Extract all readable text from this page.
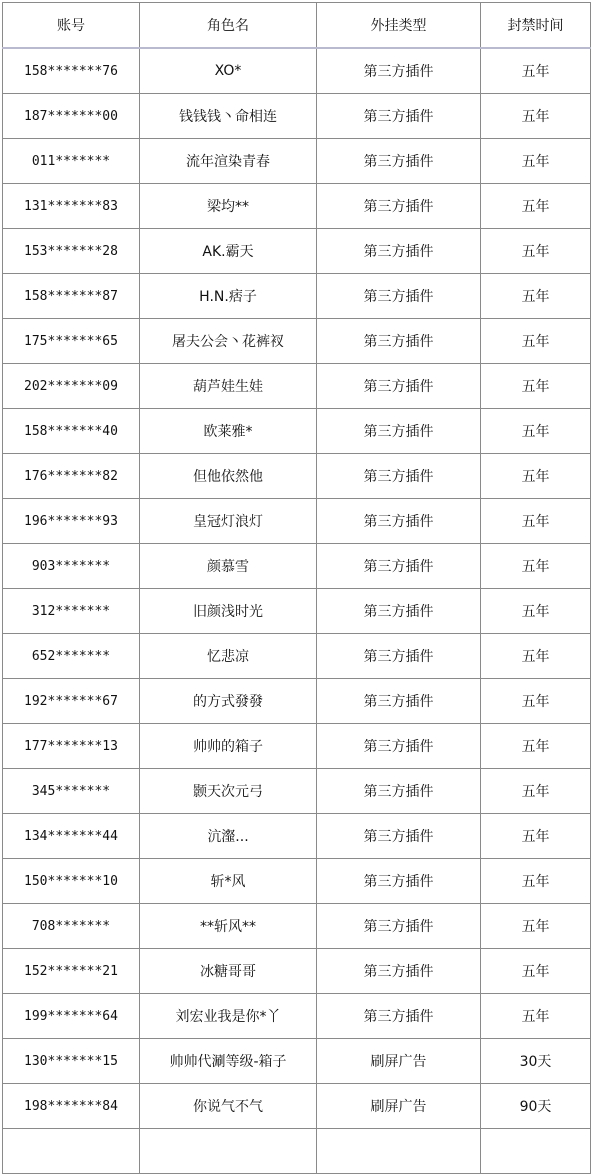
账号	角色名	外挂类型	封禁时间
158*******76	XO*	第三方插件	五年
187*******00	钱钱钱丶命相连	第三方插件	五年
011*******	流年渲染青春	第三方插件	五年
131*******83	梁均**	第三方插件	五年
153*******28	AK.霸天	第三方插件	五年
158*******87	H.N.痞子	第三方插件	五年
175*******65	屠夫公会丶花裤衩	第三方插件	五年
202*******09	葫芦娃生娃	第三方插件	五年
158*******40	欧莱雅*	第三方插件	五年
176*******82	但他依然他	第三方插件	五年
196*******93	皇冠灯浪灯	第三方插件	五年
903*******	颜慕雪	第三方插件	五年
312*******	旧颜浅时光	第三方插件	五年
652*******	忆悲凉	第三方插件	五年
192*******67	的方式發發	第三方插件	五年
177*******13	帅帅的箱子	第三方插件	五年
345*******	颢天次元弓	第三方插件	五年
134*******44	沆瀣...	第三方插件	五年
150*******10	斩*风	第三方插件	五年
708*******	**斩风**	第三方插件	五年
152*******21	冰糖哥哥	第三方插件	五年
199*******64	刘宏业我是你*丫	第三方插件	五年
130*******15	帅帅代涮等级-箱子	刷屏广告	30天
198*******84	你说气不气	刷屏广告	90天
